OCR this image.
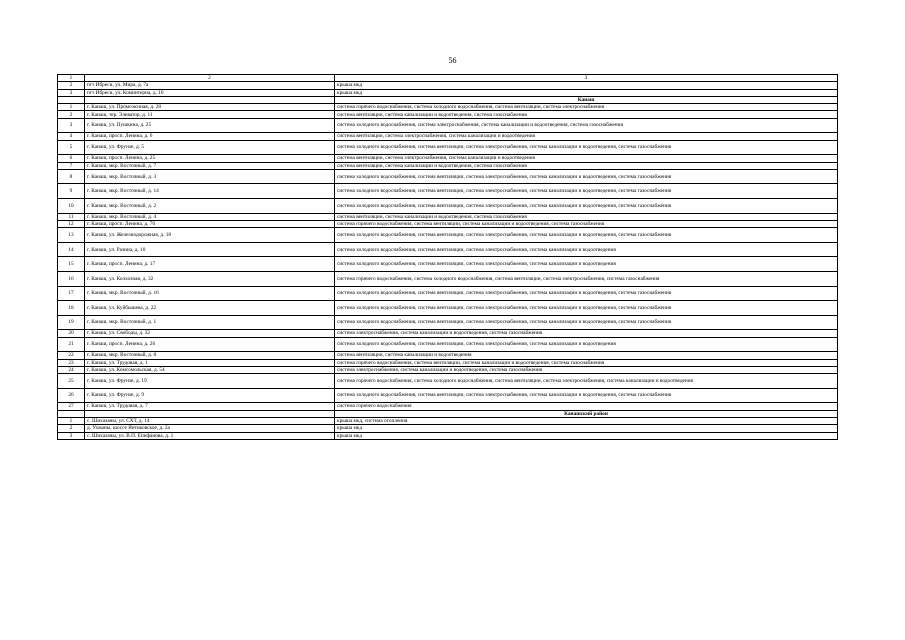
56
1	2	3
2	пгт Ибреси, ул. Мира, д. 7а	крыша мкд
3	пгт Ибреси, ул. Коминтерна, д. 10	крыша мкд
		Канаш
1	г. Канаш, ул. Промсоюзная, д. 28	система горячего водоснабжения, система холодного водоснабжения, система вентиляции, система электроснабжения
2	г. Канаш, тер. Элеватор, д. 11	система вентиляции, система канализации и водоотведения, система газоснабжения
3	г. Канаш, ул. Пушкина, д. 25	система холодного водоснабжения, система электроснабжения, система канализации и водоотведения, система газоснабжения
4	г. Канаш, просп. Ленина, д. 6	система вентиляции, система электроснабжения, система канализации и водоотведения
5	г. Канаш, ул. Фрунзе, д. 5	система холодного водоснабжения, система вентиляции, система электроснабжения, система канализации и водоотведения, система газоснабжения
6	г. Канаш, просп. Ленина, д. 25	система вентиляции, система электроснабжения, система канализации и водоотведения
7	г. Канаш, мкр. Восточный, д. 7	система вентиляции, система канализации и водоотведения, система газоснабжения
8	г. Канаш, мкр. Восточный, д. 3	система холодного водоснабжения, система вентиляции, система электроснабжения, система канализации и водоотведения, система газоснабжения
9	г. Канаш, мкр. Восточный, д. 14	система холодного водоснабжения, система вентиляции, система электроснабжения, система канализации и водоотведения, система газоснабжения
10	г. Канаш, мкр. Восточный, д. 2	система холодного водоснабжения, система вентиляции, система электроснабжения, система канализации и водоотведения, система газоснабжения
11	г. Канаш, мкр. Восточный, д. 4	система вентиляции, система канализации и водоотведения, система газоснабжения
12	г. Канаш, просп. Ленина, д. 70	система горячего водоснабжения, система вентиляции, система канализации и водоотведения, система газоснабжения
13	г. Канаш, ул. Железнодорожная, д. 18	система холодного водоснабжения, система вентиляции, система электроснабжения, система канализации и водоотведения, система газоснабжения
14	г. Канаш, ул. Разина, д. 10	система холодного водоснабжения, система вентиляции, система электроснабжения, система канализации и водоотведения
15	г. Канаш, просп. Ленина, д. 17	система холодного водоснабжения, система вентиляции, система электроснабжения, система канализации и водоотведения
16	г. Канаш, ул. Колхозная, д. 32	система горячего водоснабжения, система холодного водоснабжения, система вентиляции, система электроснабжения, система газоснабжения
17	г. Канаш, мкр. Восточный, д. 16	система холодного водоснабжения, система вентиляции, система электроснабжения, система канализации и водоотведения, система газоснабжения
18	г. Канаш, ул. Куйбышева, д. 22	система холодного водоснабжения, система вентиляции, система электроснабжения, система канализации и водоотведения, система газоснабжения
19	г. Канаш, мкр. Восточный, д. 1	система холодного водоснабжения, система вентиляции, система электроснабжения, система канализации и водоотведения, система газоснабжения
20	г. Канаш, ул. Свободы, д. 32	система электроснабжения, система канализации и водоотведения, система газоснабжения
21	г. Канаш, просп. Ленина, д. 26	система холодного водоснабжения, система вентиляции, система электроснабжения, система канализации и водоотведения
22	г. Канаш, мкр. Восточный, д. 8	система вентиляции, система канализации и водоотведения
23	г. Канаш, ул. Трудовая, д. 1	система горячего водоснабжения, система вентиляции, система канализации и водоотведения, система газоснабжения
24	г. Канаш, ул. Комсомольская, д. 54	система электроснабжения, система канализации и водоотведения, система газоснабжения
25	г. Канаш, ул. Фрунзе, д. 19	система горячего водоснабжения, система холодного водоснабжения, система вентиляции, система электроснабжения, система канализации и водоотведения
26	г. Канаш, ул. Фрунзе, д. 9	система холодного водоснабжения, система вентиляции, система электроснабжения, система канализации и водоотведения, система газоснабжения
27	г. Канаш, ул. Трудовая, д. 7	система горячего водоснабжения
		Канашский район
1	с. Шихазаны, ул. СХТ, д. 14	крыша мкд, система отопления
2	д. Ухманы, шоссе Янтиковское, д. 2а	крыша мкд
3	с. Шихазаны, ул. В.П. Епифанова, д. 1	крыша мкд
